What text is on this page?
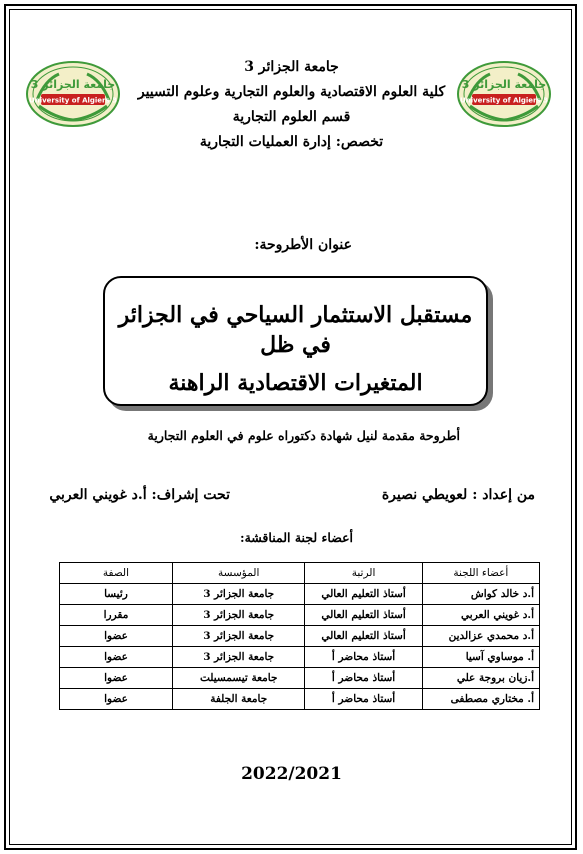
جامعة الجزائر 3
University of Algiers 3
جامعة الجزائر 3
University of Algiers 3
جامعة الجزائر 3
كلية العلوم الاقتصادية والعلوم التجارية وعلوم التسيير
قسم العلوم التجارية
تخصص: إدارة العمليات التجارية
عنوان الأطروحة:
مستقبل الاستثمار السياحي في الجزائر في ظل
المتغيرات الاقتصادية الراهنة
أطروحة مقدمة لنيل شهادة دكتوراه علوم في العلوم التجارية
من إعداد : لعويطي نصيرة
تحت إشراف: أ.د غويني العربي
أعضاء لجنة المناقشة:
أعضاء اللجنة	الرتبة	المؤسسة	الصفة
أ.د خالد كواش	أستاذ التعليم العالي	جامعة الجزائر 3	رئيسا
أ.د غويني العربي	أستاذ التعليم العالي	جامعة الجزائر 3	مقررا
أ.د محمدي عزالدين	أستاذ التعليم العالي	جامعة الجزائر 3	عضوا
أ. موساوي آسيا	أستاذ محاضر أ	جامعة الجزائر 3	عضوا
أ.زيان بروجة علي	أستاذ محاضر أ	جامعة تيسمسيلت	عضوا
أ. مختاري مصطفى	أستاذ محاضر أ	جامعة الجلفة	عضوا
2022/2021
